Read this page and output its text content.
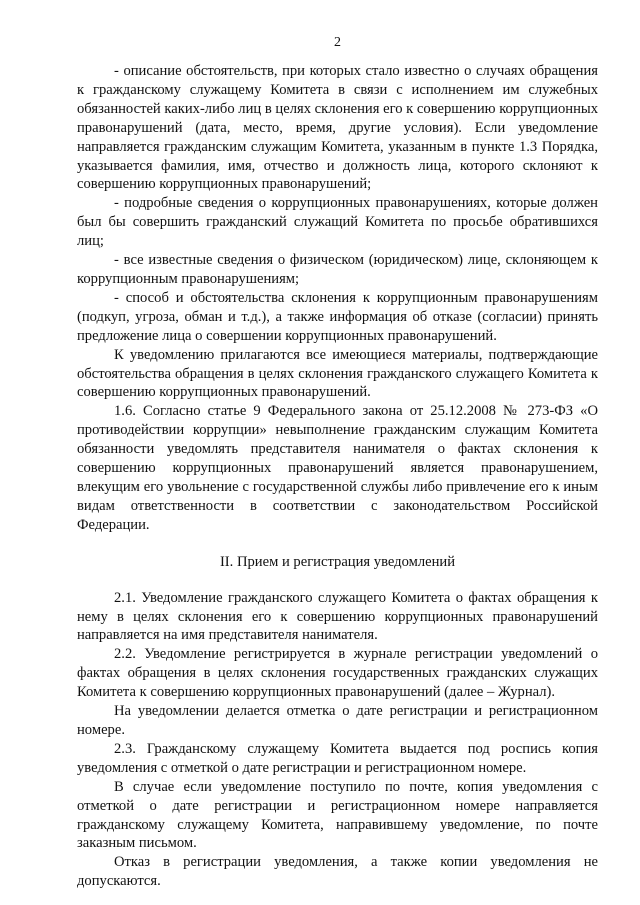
2

- описание обстоятельств, при которых стало известно о случаях обращения к гражданскому служащему Комитета в связи с исполнением им служебных обязанностей каких-либо лиц в целях склонения его к совершению коррупционных правонарушений (дата, место, время, другие условия). Если уведомление направляется гражданским служащим Комитета, указанным в пункте 1.3 Порядка, указывается фамилия, имя, отчество и должность лица, которого склоняют к совершению коррупционных правонарушений;

- подробные сведения о коррупционных правонарушениях, которые должен был бы совершить гражданский служащий Комитета по просьбе обратившихся лиц;

- все известные сведения о физическом (юридическом) лице, склоняющем к коррупционным правонарушениям;

- способ и обстоятельства склонения к коррупционным правонарушениям (подкуп, угроза, обман и т.д.), а также информация об отказе (согласии) принять предложение лица о совершении коррупционных правонарушений.

К уведомлению прилагаются все имеющиеся материалы, подтверждающие обстоятельства обращения в целях склонения гражданского служащего Комитета к совершению коррупционных правонарушений.

1.6. Согласно статье 9 Федерального закона от 25.12.2008 № 273-ФЗ «О противодействии коррупции» невыполнение гражданским служащим Комитета обязанности уведомлять представителя нанимателя о фактах склонения к совершению коррупционных правонарушений является правонарушением, влекущим его увольнение с государственной службы либо привлечение его к иным видам ответственности в соответствии с законодательством Российской Федерации.

II. Прием и регистрация уведомлений

2.1. Уведомление гражданского служащего Комитета о фактах обращения к нему в целях склонения его к совершению коррупционных правонарушений направляется на имя представителя нанимателя.

2.2. Уведомление регистрируется в журнале регистрации уведомлений о фактах обращения в целях склонения государственных гражданских служащих Комитета к совершению коррупционных правонарушений (далее – Журнал).

На уведомлении делается отметка о дате регистрации и регистрационном номере.

2.3. Гражданскому служащему Комитета выдается под роспись копия уведомления с отметкой о дате регистрации и регистрационном номере.

В случае если уведомление поступило по почте, копия уведомления с отметкой о дате регистрации и регистрационном номере направляется гражданскому служащему Комитета, направившему уведомление, по почте заказным письмом.

Отказ в регистрации уведомления, а также копии уведомления не допускаются.
